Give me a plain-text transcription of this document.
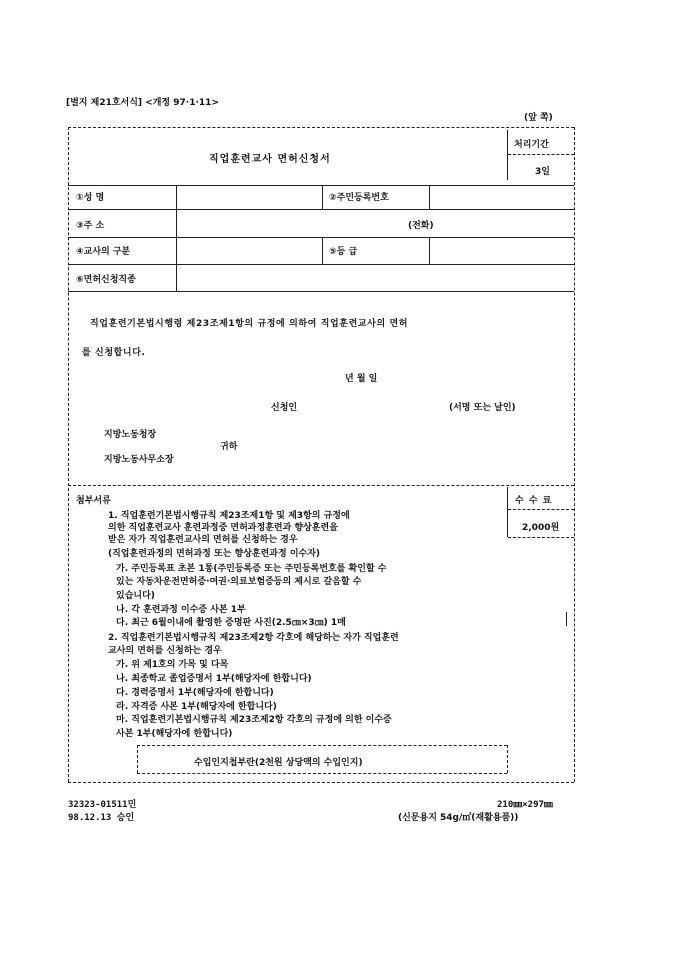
[별지 제21호서식] <개정 97·1·11>
(앞 쪽)
직업훈련교사 면허신청서
처리기간
3일
①성 명	②주민등록번호
③주 소	(전화)
④교사의 구분	⑤등 급
⑥면허신청직종
직업훈련기본법시행령 제23조제1항의 규정에 의하여 직업훈련교사의 면허
를 신청합니다.
년 월 일
신청인	(서명 또는 날인)
지방노동청장
귀하
지방노동사무소장
첨부서류	수 수 료
2,000원
1. 직업훈련기본법시행규칙 제23조제1항 및 제3항의 규정에
의한 직업훈련교사 훈련과정중 면허과정훈련과 향상훈련을
받은 자가 직업훈련교사의 면허를 신청하는 경우
(직업훈련과정의 면허과정 또는 향상훈련과정 이수자)
가. 주민등록표 초본 1통(주민등록증 또는 주민등록번호를 확인할 수
있는 자동차운전면허증·여권·의료보험증등의 제시로 갈음할 수
있습니다)
나. 각 훈련과정 이수증 사본 1부
다. 최근 6월이내에 촬영한 증명판 사진(2.5㎝×3㎝) 1매
2. 직업훈련기본법시행규칙 제23조제2항 각호에 해당하는 자가 직업훈련
교사의 면허를 신청하는 경우
가. 위 제1호의 가목 및 다목
나. 최종학교 졸업증명서 1부(해당자에 한합니다)
다. 경력증명서 1부(해당자에 한합니다)
라. 자격증 사본 1부(해당자에 한합니다)
마. 직업훈련기본법시행규칙 제23조제2항 각호의 규정에 의한 이수증
사본 1부(해당자에 한합니다)
수입인지첩부란(2천원 상당액의 수입인지)
32323-01511민
98.12.13 승인
210㎜×297㎜
(신문용지 54g/㎡(재활용품))
